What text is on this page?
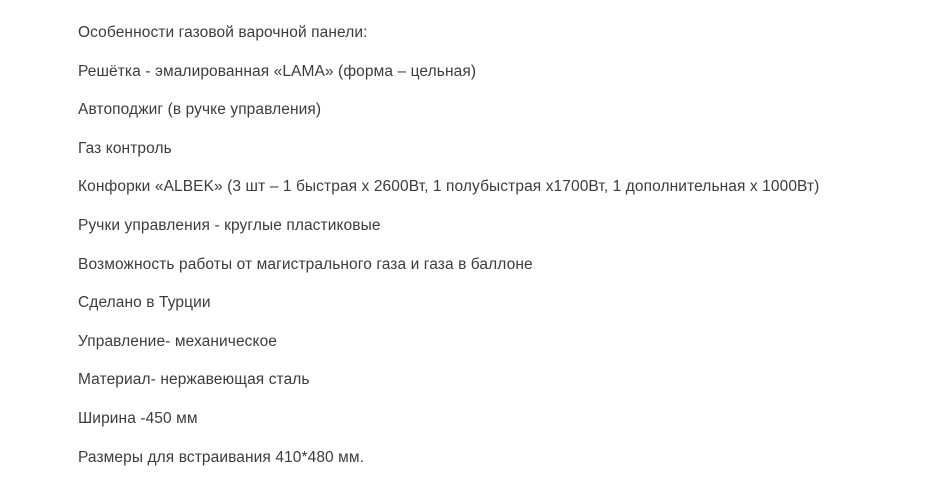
Особенности газовой варочной панели:

Решётка - эмалированная «LAMA» (форма – цельная)

Автоподжиг (в ручке управления)

Газ контроль

Конфорки «ALBEK» (3 шт – 1 быстрая х 2600Вт, 1 полубыстрая х1700Вт, 1 дополнительная х 1000Вт)

Ручки управления - круглые пластиковые

Возможность работы от магистрального газа и газа в баллоне

Сделано в Турции

Управление- механическое

Материал- нержавеющая сталь

Ширина -450 мм

Размеры для встраивания 410*480 мм.
